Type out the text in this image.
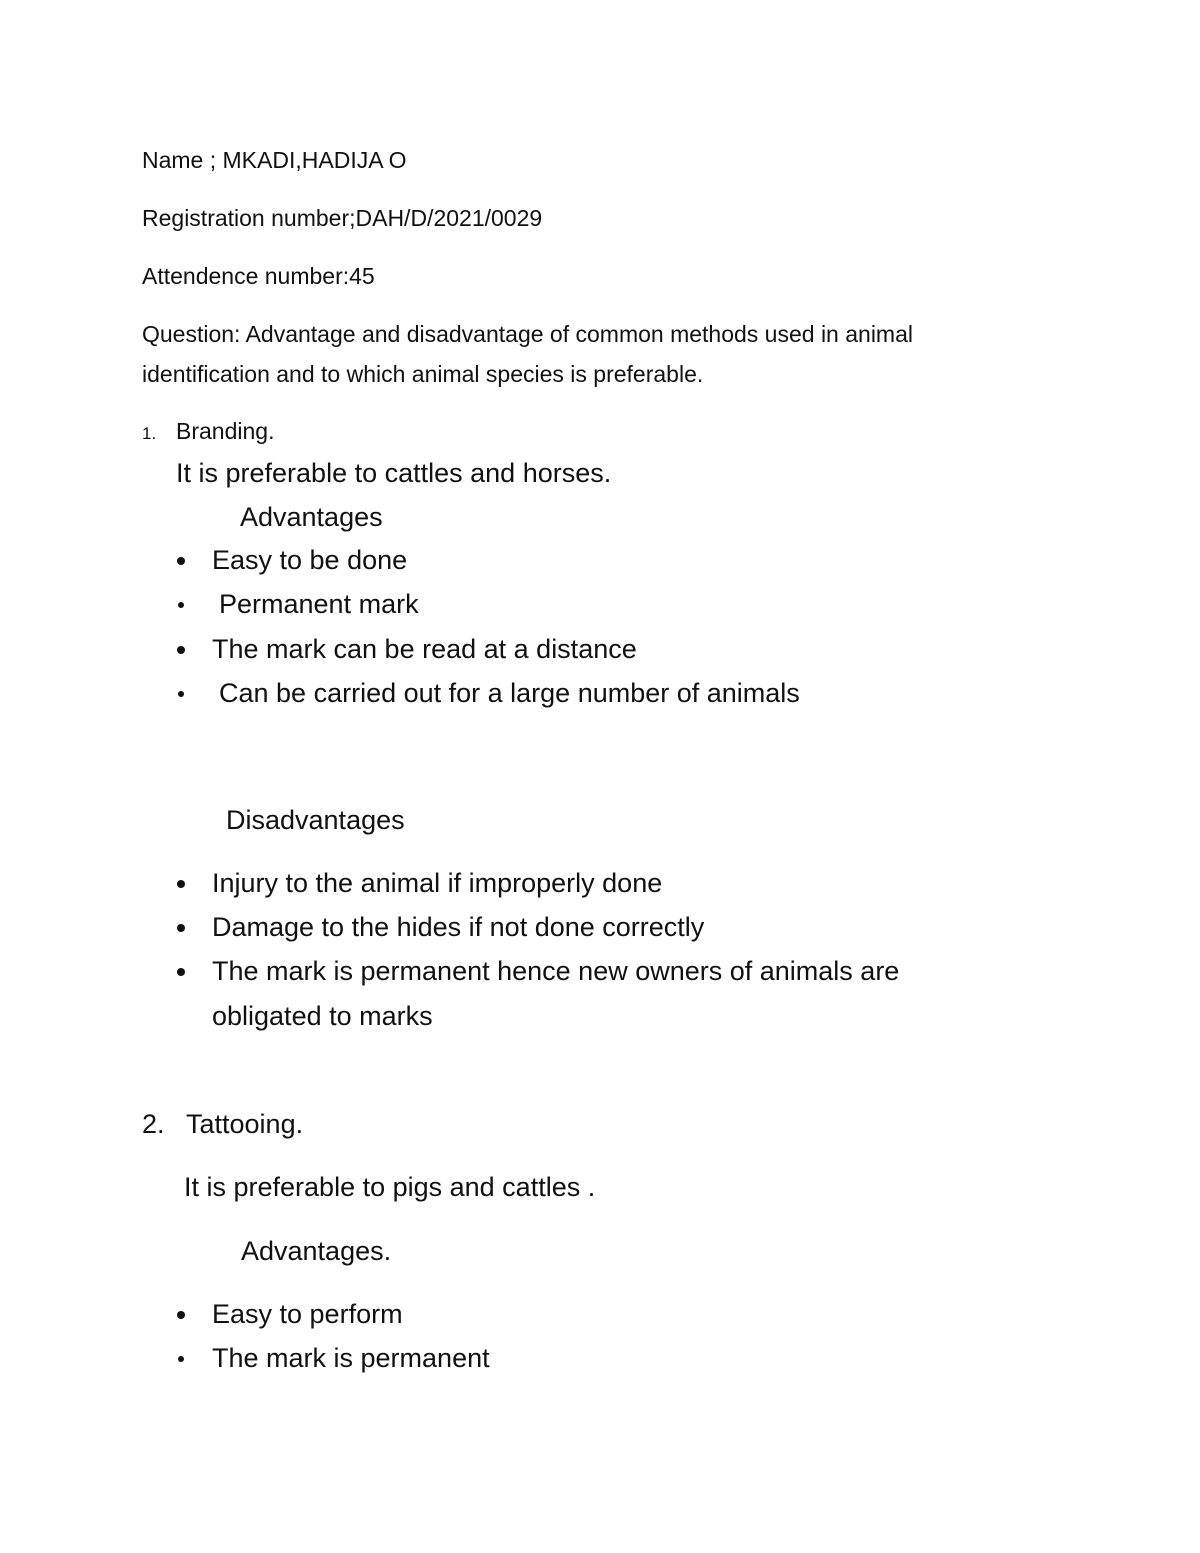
Name ; MKADI,HADIJA O
Registration number;DAH/D/2021/0029
Attendence number:45
Question: Advantage and disadvantage of common methods used in animal
identification and to which animal species is preferable.
1. Branding.
It is preferable to cattles and horses.
Advantages
Easy to be done
Permanent mark
The mark can be read at a distance
Can be carried out for a large number of animals
Disadvantages
Injury to the animal if improperly done
Damage to the hides if not done correctly
The mark is permanent hence new owners of animals are
obligated to marks
2. Tattooing.
It is preferable to pigs and cattles .
Advantages.
Easy to perform
The mark is permanent
